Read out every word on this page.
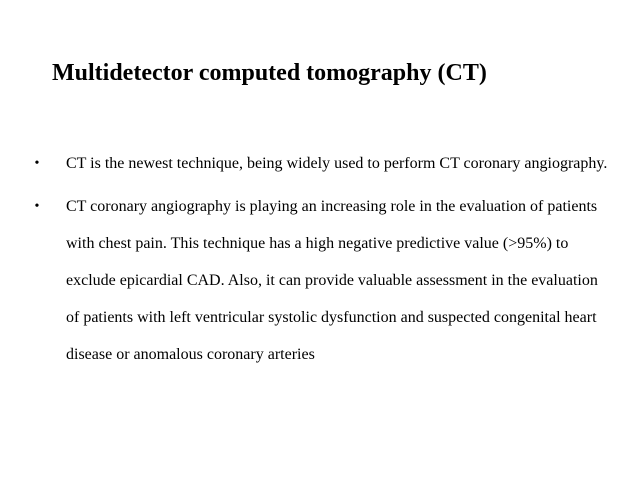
Multidetector computed tomography (CT)
• CT is the newest technique, being widely used to perform CT coronary angiography.
• CT coronary angiography is playing an increasing role in the evaluation of patients with chest pain. This technique has a high negative predictive value (>95%) to exclude epicardial CAD. Also, it can provide valuable assessment in the evaluation of patients with left ventricular systolic dysfunction and suspected congenital heart disease or anomalous coronary arteries
